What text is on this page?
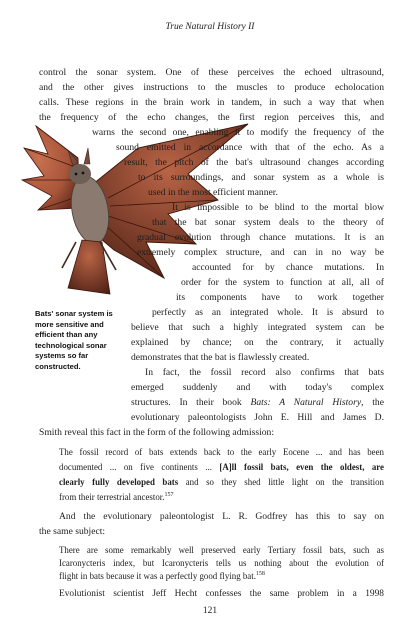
True Natural History II
Bats' sonar system is more sensitive and efficient than any technological sonar systems so far constructed.
control the sonar system. One of these perceives the echoed ultrasound,
and the other gives instructions to the muscles to produce echolocation
calls. These regions in the brain work in tandem, in such a way that when
the frequency of the echo changes, the first region perceives this, and
warns the second one, enabling it to modify the frequency of the
sound emitted in accordance with that of the echo. As a
result, the pitch of the bat's ultrasound changes according
to its surroundings, and sonar system as a whole is
used in the most efficient manner.
It is impossible to be blind to the mortal blow
that the bat sonar system deals to the theory of
gradual evolution through chance mutations. It is an
extremely complex structure, and can in no way be
accounted for by chance mutations. In
order for the system to function at all, all of
its components have to work together
perfectly as an integrated whole. It is absurd to
believe that such a highly integrated system can be
explained by chance; on the contrary, it actually
demonstrates that the bat is flawlessly created.
In fact, the fossil record also confirms that bats
emerged suddenly and with today's complex
structures. In their book Bats: A Natural History, the
evolutionary paleontologists John E. Hill and James D.
Smith reveal this fact in the form of the following admission:
The fossil record of bats extends back to the early Eocene ... and has been
documented ... on five continents ... [A]ll fossil bats, even the oldest, are
clearly fully developed bats and so they shed little light on the transition
from their terrestrial ancestor.$^{157}$
And the evolutionary paleontologist L. R. Godfrey has this to say on
the same subject:
There are some remarkably well preserved early Tertiary fossil bats, such as
Icaronycteris index, but Icaronycteris tells us nothing about the evolution of
flight in bats because it was a perfectly good flying bat.$^{158}$
Evolutionist scientist Jeff Hecht confesses the same problem in a 1998
121
